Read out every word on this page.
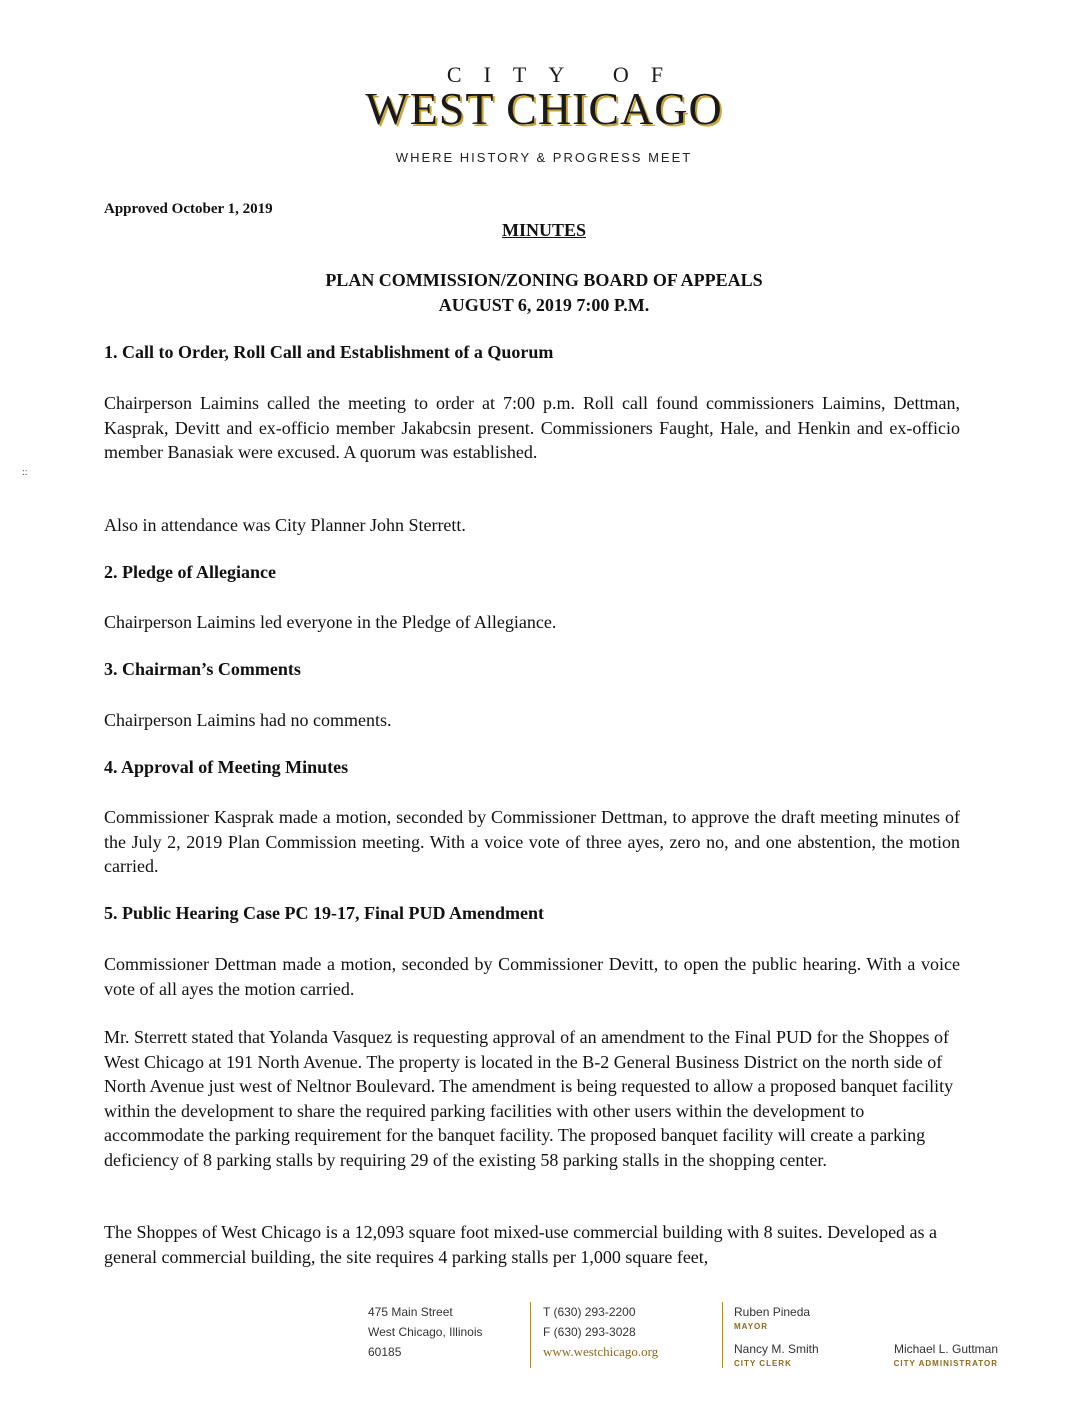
CITY OF
WEST CHICAGO
WHERE HISTORY & PROGRESS MEET
Approved October 1, 2019
MINUTES
PLAN COMMISSION/ZONING BOARD OF APPEALS
AUGUST 6, 2019 7:00 P.M.
::
1. Call to Order, Roll Call and Establishment of a Quorum
Chairperson Laimins called the meeting to order at 7:00 p.m. Roll call found commissioners Laimins, Dettman, Kasprak, Devitt and ex-officio member Jakabcsin present. Commissioners Faught, Hale, and Henkin and ex-officio member Banasiak were excused. A quorum was established.
Also in attendance was City Planner John Sterrett.
2. Pledge of Allegiance
Chairperson Laimins led everyone in the Pledge of Allegiance.
3. Chairman’s Comments
Chairperson Laimins had no comments.
4. Approval of Meeting Minutes
Commissioner Kasprak made a motion, seconded by Commissioner Dettman, to approve the draft meeting minutes of the July 2, 2019 Plan Commission meeting. With a voice vote of three ayes, zero no, and one abstention, the motion carried.
5. Public Hearing Case PC 19-17, Final PUD Amendment
Commissioner Dettman made a motion, seconded by Commissioner Devitt, to open the public hearing. With a voice vote of all ayes the motion carried.
Mr. Sterrett stated that Yolanda Vasquez is requesting approval of an amendment to the Final PUD for the Shoppes of West Chicago at 191 North Avenue. The property is located in the B-2 General Business District on the north side of North Avenue just west of Neltnor Boulevard. The amendment is being requested to allow a proposed banquet facility within the development to share the required parking facilities with other users within the development to accommodate the parking requirement for the banquet facility. The proposed banquet facility will create a parking deficiency of 8 parking stalls by requiring 29 of the existing 58 parking stalls in the shopping center.
The Shoppes of West Chicago is a 12,093 square foot mixed-use commercial building with 8 suites. Developed as a general commercial building, the site requires 4 parking stalls per 1,000 square feet,
475 Main Street
West Chicago, Illinois
60185
T (630) 293-2200
F (630) 293-3028
www.westchicago.org
Ruben Pineda
MAYOR
Nancy M. Smith
CITY CLERK
Michael L. Guttman
CITY ADMINISTRATOR
